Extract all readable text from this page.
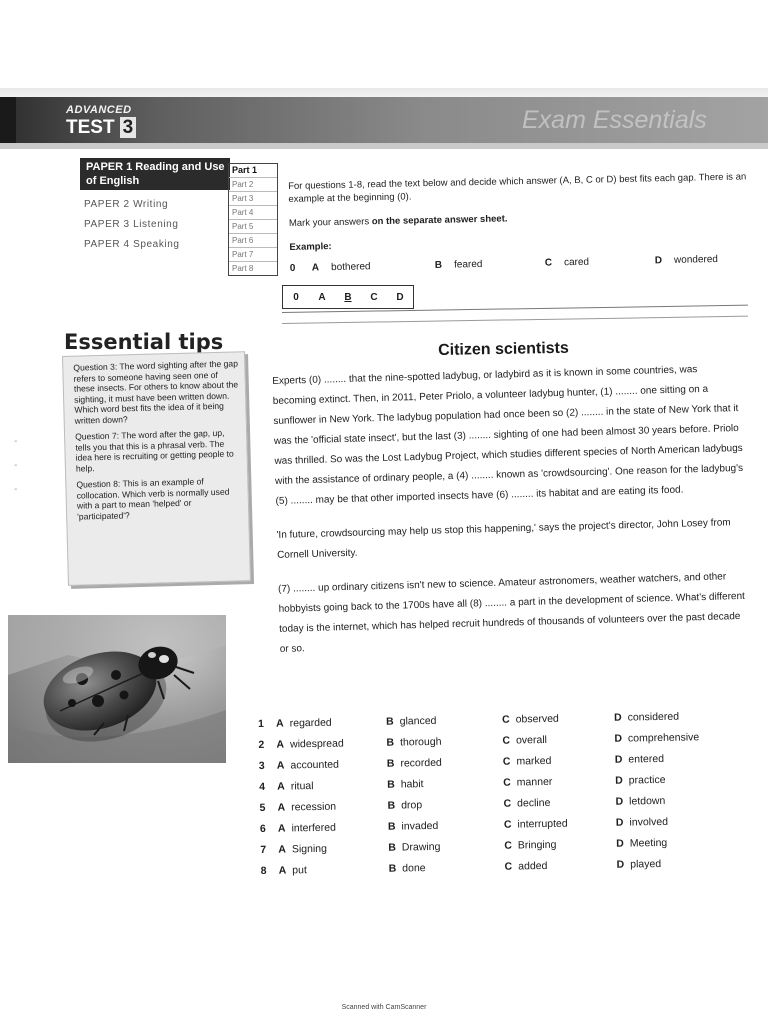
ADVANCED
TEST 3	Exam Essentials
PAPER 1 Reading and Use of English
PAPER 2 Writing
PAPER 3 Listening
PAPER 4 Speaking
Part 1
Part 2
Part 3
Part 4
Part 5
Part 6
Part 7
Part 8

For questions 1-8, read the text below and decide which answer (A, B, C or D) best fits each gap. There is an example at the beginning (0).

Mark your answers on the separate answer sheet.

Example:
0	A bothered	B feared	C cared	D wondered
0	A	B	C	D
Essential tips

Question 3: The word sighting after the gap refers to someone having seen one of these insects. For others to know about the sighting, it must have been written down. Which word best fits the idea of it being written down?

Question 7: The word after the gap, up, tells you that this is a phrasal verb. The idea here is recruiting or getting people to help.

Question 8: This is an example of collocation. Which verb is normally used with a part to mean 'helped' or 'participated'?

-
-
-
Citizen scientists

Experts (0) ........ that the nine-spotted ladybug, or ladybird as it is known in some countries, was becoming extinct. Then, in 2011, Peter Priolo, a volunteer ladybug hunter, (1) ........ one sitting on a sunflower in New York. The ladybug population had once been so (2) ........ in the state of New York that it was the 'official state insect', but the last (3) ........ sighting of one had been almost 30 years before. Priolo was thrilled. So was the Lost Ladybug Project, which studies different species of North American ladybugs with the assistance of ordinary people, a (4) ........ known as 'crowdsourcing'. One reason for the ladybug's (5) ........ may be that other imported insects have (6) ........ its habitat and are eating its food.

'In future, crowdsourcing may help us stop this happening,' says the project's director, John Losey from Cornell University.

(7) ........ up ordinary citizens isn't new to science. Amateur astronomers, weather watchers, and other hobbyists going back to the 1700s have all (8) ........ a part in the development of science. What's different today is the internet, which has helped recruit hundreds of thousands of volunteers over the past decade or so.

1	A regarded	B glanced	C observed	D considered
2	A widespread	B thorough	C overall	D comprehensive
3	A accounted	B recorded	C marked	D entered
4	A ritual	B habit	C manner	D practice
5	A recession	B drop	C decline	D letdown
6	A interfered	B invaded	C interrupted	D involved
7	A Signing	B Drawing	C Bringing	D Meeting
8	A put	B done	C added	D played
Scanned with CamScanner
